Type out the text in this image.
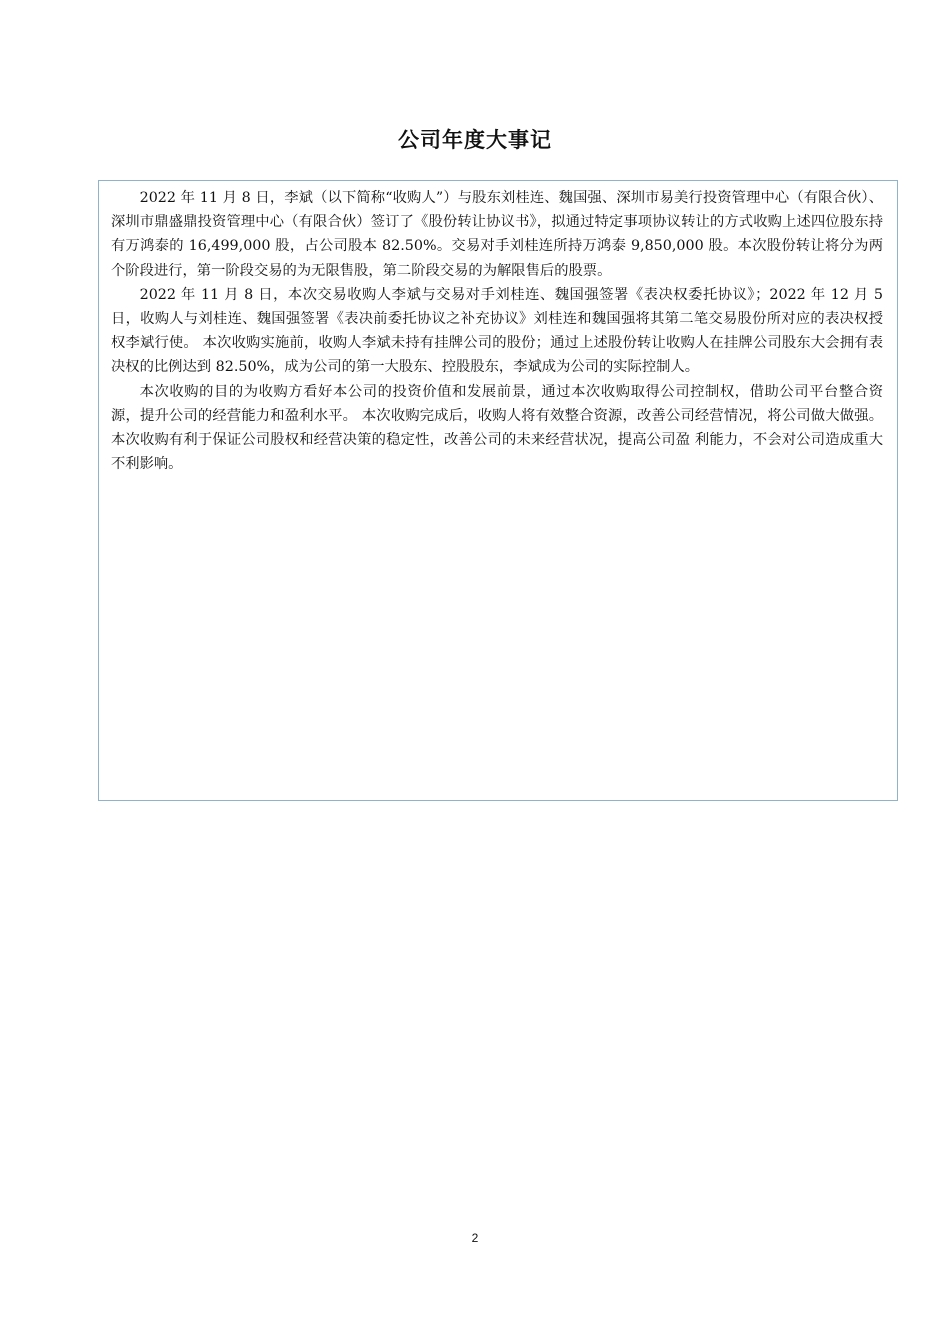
公司年度大事记

2022 年 11 月 8 日，李斌（以下简称“收购人”）与股东刘桂连、魏国强、深圳市易美行投资管理中心（有限合伙）、深圳市鼎盛鼎投资管理中心（有限合伙）签订了《股份转让协议书》，拟通过特定事项协议转让的方式收购上述四位股东持有万鸿泰的 16,499,000 股，占公司股本 82.50%。交易对手刘桂连所持万鸿泰 9,850,000 股。本次股份转让将分为两个阶段进行，第一阶段交易的为无限售股，第二阶段交易的为解限售后的股票。

2022 年 11 月 8 日，本次交易收购人李斌与交易对手刘桂连、魏国强签署《表决权委托协议》；2022 年 12 月 5 日，收购人与刘桂连、魏国强签署《表决前委托协议之补充协议》刘桂连和魏国强将其第二笔交易股份所对应的表决权授权李斌行使。 本次收购实施前，收购人李斌未持有挂牌公司的股份；通过上述股份转让收购人在挂牌公司股东大会拥有表决权的比例达到 82.50%，成为公司的第一大股东、控股股东，李斌成为公司的实际控制人。

本次收购的目的为收购方看好本公司的投资价值和发展前景，通过本次收购取得公司控制权，借助公司平台整合资源，提升公司的经营能力和盈利水平。 本次收购完成后，收购人将有效整合资源，改善公司经营情况，将公司做大做强。本次收购有利于保证公司股权和经营决策的稳定性，改善公司的未来经营状况，提高公司盈 利能力，不会对公司造成重大不利影响。

2
